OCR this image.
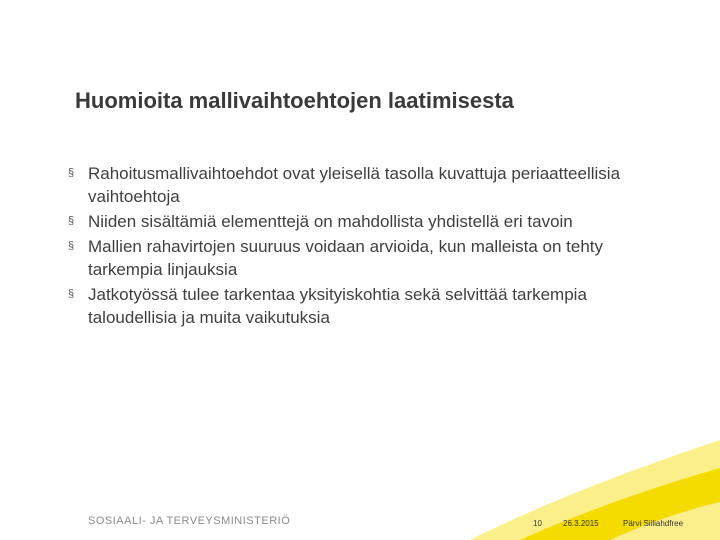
Huomioita mallivaihtoehtojen laatimisesta
§ Rahoitusmallivaihtoehdot ovat yleisellä tasolla kuvattuja periaatteellisia vaihtoehtoja
§ Niiden sisältämiä elementtejä on mahdollista yhdistellä eri tavoin
§ Mallien rahavirtojen suuruus voidaan arvioida, kun malleista on tehty tarkempia linjauksia
§ Jatkotyössä tulee tarkentaa yksityiskohtia sekä selvittää tarkempia taloudellisia ja muita vaikutuksia
SOSIAALI- JA TERVEYSMINISTERIÖ	10	26.3.2015	Pärvi Siiliahdfree
